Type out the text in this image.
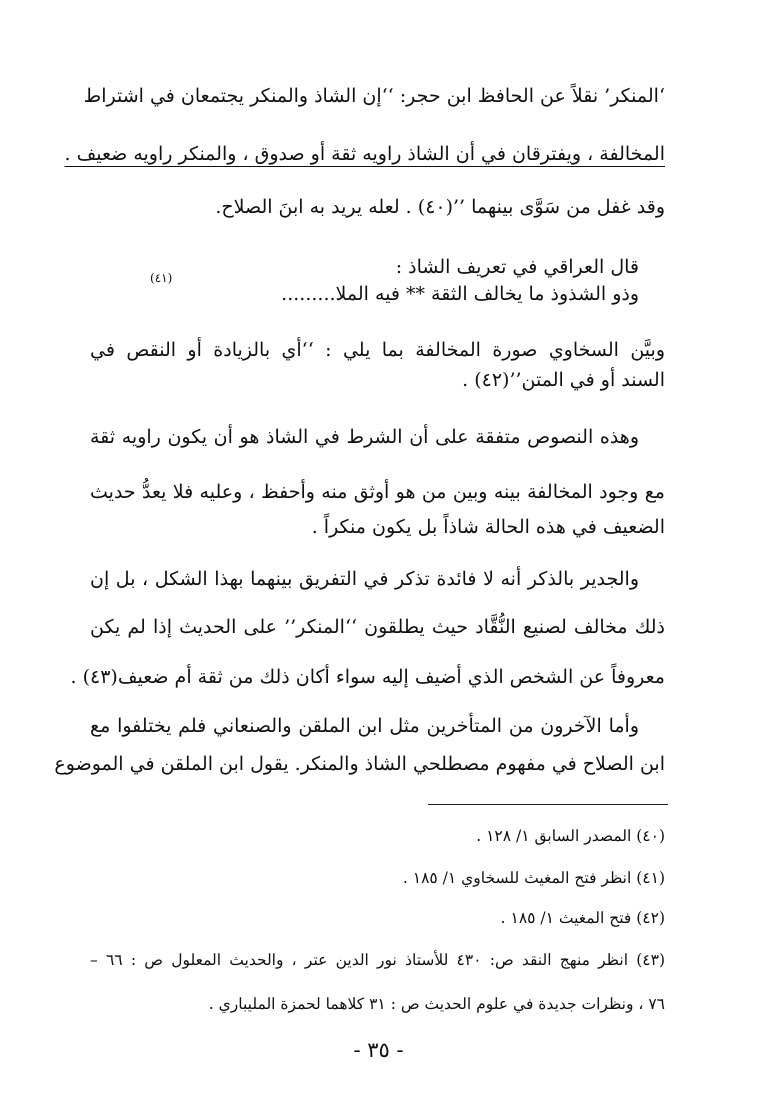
‘المنكر’ نقلاً عن الحافظ ابن حجر: ‘‘إن الشاذ والمنكر يجتمعان في اشتراط
المخالفة ، ويفترقان في أن الشاذ راويه ثقة أو صدوق ، والمنكر راويه ضعيف .
وقد غفل من سَوَّى بينهما ’’(٤٠) . لعله يريد به ابنَ الصلاح.
قال العراقي في تعريف الشاذ :
وذو الشذوذ ما يخالف الثقة ** فيه الملا.........
(٤١)
وبيَّن السخاوي صورة المخالفة بما يلي : ‘‘أي بالزيادة أو النقص في
السند أو في المتن’’(٤٢) .
وهذه النصوص متفقة على أن الشرط في الشاذ هو أن يكون راويه ثقة
مع وجود المخالفة بينه وبين من هو أوثق منه وأحفظ ، وعليه فلا يعدُّ حديث
الضعيف في هذه الحالة شاذاً بل يكون منكراً .
والجدير بالذكر أنه لا فائدة تذكر في التفريق بينهما بهذا الشكل ، بل إن
ذلك مخالف لصنيع النُّقَّاد حيث يطلقون ‘‘المنكر’’ على الحديث إذا لم يكن
معروفاً عن الشخص الذي أضيف إليه سواء أكان ذلك من ثقة أم ضعيف(٤٣) .
وأما الآخرون من المتأخرين مثل ابن الملقن والصنعاني فلم يختلفوا مع
ابن الصلاح في مفهوم مصطلحي الشاذ والمنكر. يقول ابن الملقن في الموضوع
(٤٠) المصدر السابق ١/ ١٢٨ .
(٤١) انظر فتح المغيث للسخاوي ١/ ١٨٥ .
(٤٢) فتح المغيث ١/ ١٨٥ .
(٤٣) انظر منهج النقد ص: ٤٣٠ للأستاذ نور الدين عتر ، والحديث المعلول ص : ٦٦ –
٧٦ ، ونظرات جديدة في علوم الحديث ص : ٣١ كلاهما لحمزة المليباري .
- ٣٥ -
